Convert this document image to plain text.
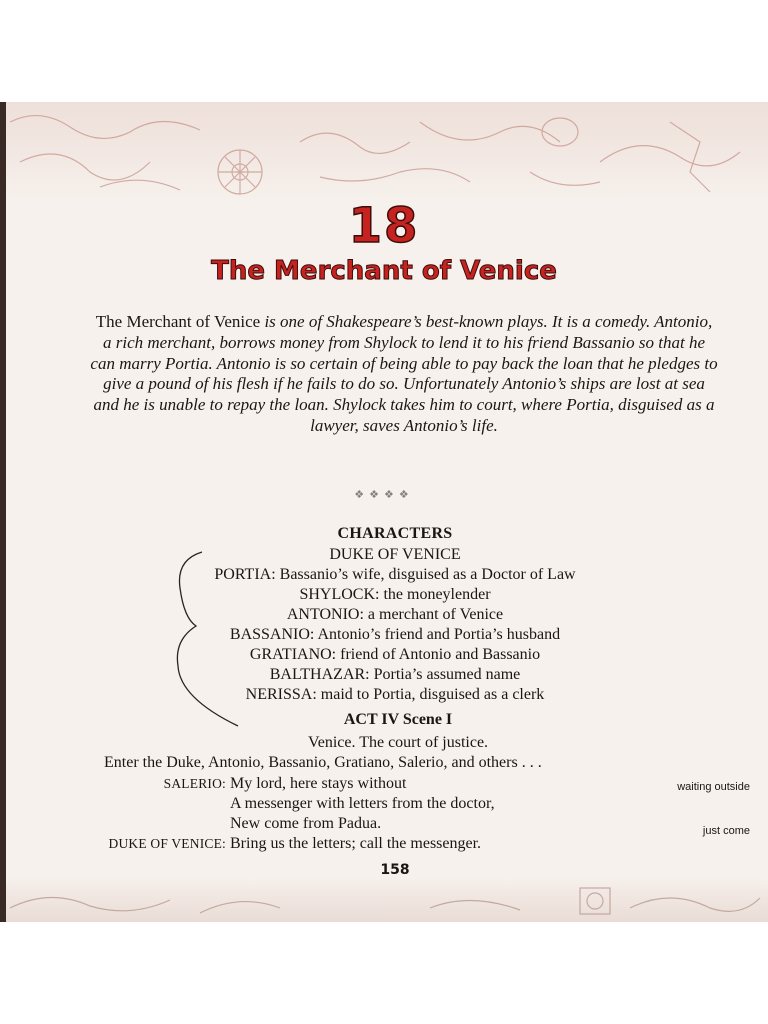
18
The Merchant of Venice

The Merchant of Venice is one of Shakespeare’s best-known plays. It is a comedy. Antonio, a rich merchant, borrows money from Shylock to lend it to his friend Bassanio so that he can marry Portia. Antonio is so certain of being able to pay back the loan that he pledges to give a pound of his flesh if he fails to do so. Unfortunately Antonio’s ships are lost at sea and he is unable to repay the loan. Shylock takes him to court, where Portia, disguised as a lawyer, saves Antonio’s life.

❖❖❖❖
CHARACTERS
DUKE OF VENICE
PORTIA: Bassanio’s wife, disguised as a Doctor of Law
SHYLOCK: the moneylender
ANTONIO: a merchant of Venice
BASSANIO: Antonio’s friend and Portia’s husband
GRATIANO: friend of Antonio and Bassanio
BALTHAZAR: Portia’s assumed name
NERISSA: maid to Portia, disguised as a clerk
ACT IV Scene I
Venice. The court of justice.
Enter the Duke, Antonio, Bassanio, Gratiano, Salerio, and others . . .
SALERIO: My lord, here stays without	waiting outside
A messenger with letters from the doctor,
New come from Padua.	just come
DUKE OF VENICE: Bring us the letters; call the messenger.
158
